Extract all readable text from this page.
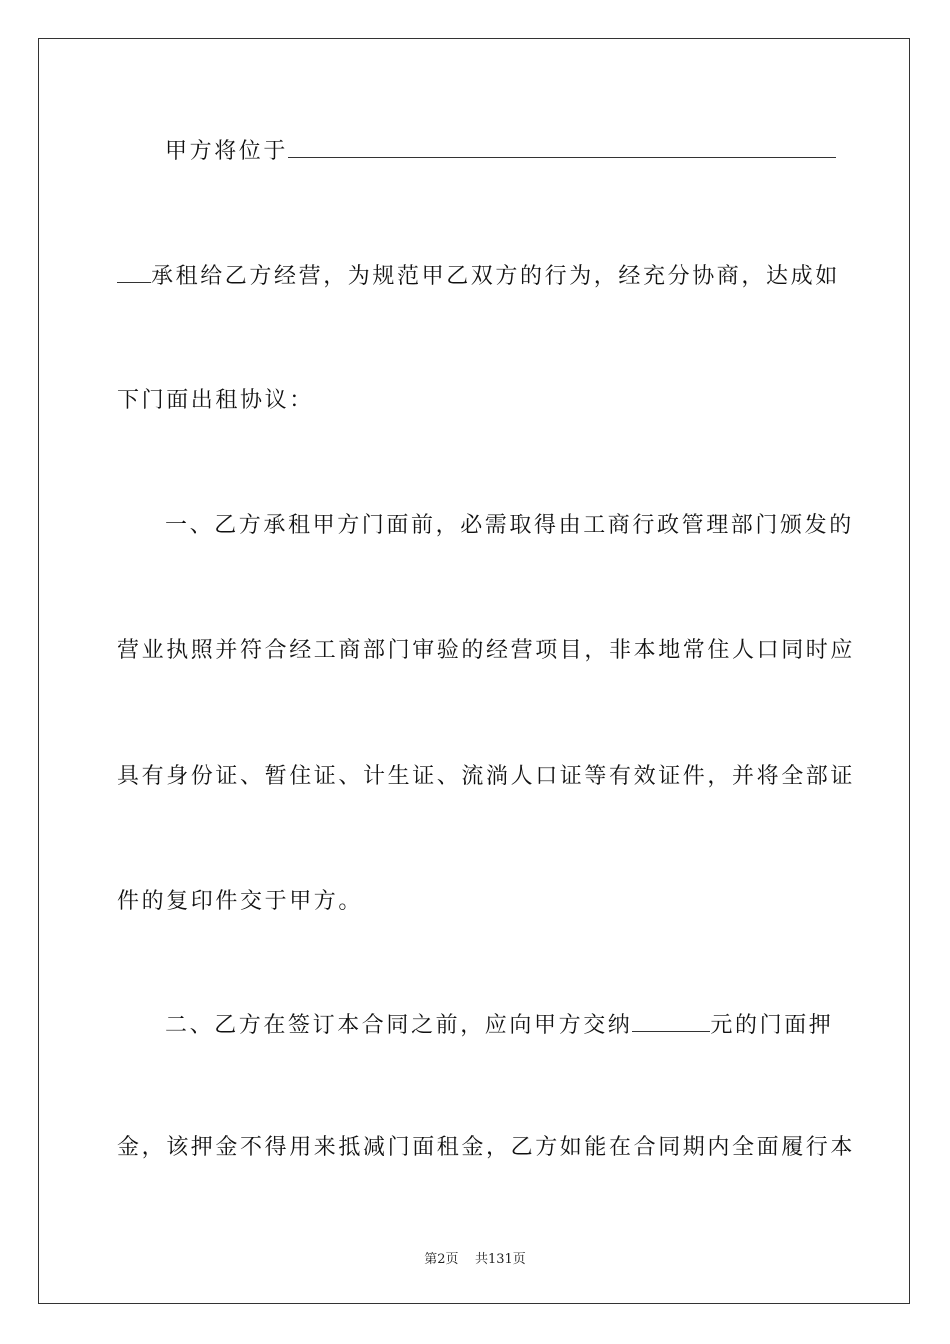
甲方将位于
承租给乙方经营，为规范甲乙双方的行为，经充分协商，达成如
下门面出租协议：
一、乙方承租甲方门面前，必需取得由工商行政管理部门颁发的
营业执照并符合经工商部门审验的经营项目，非本地常住人口同时应
具有身份证、暂住证、计生证、流淌人口证等有效证件，并将全部证
件的复印件交于甲方。
二、乙方在签订本合同之前，应向甲方交纳	元的门面押
金，该押金不得用来抵减门面租金，乙方如能在合同期内全面履行本
第2页    共131页
